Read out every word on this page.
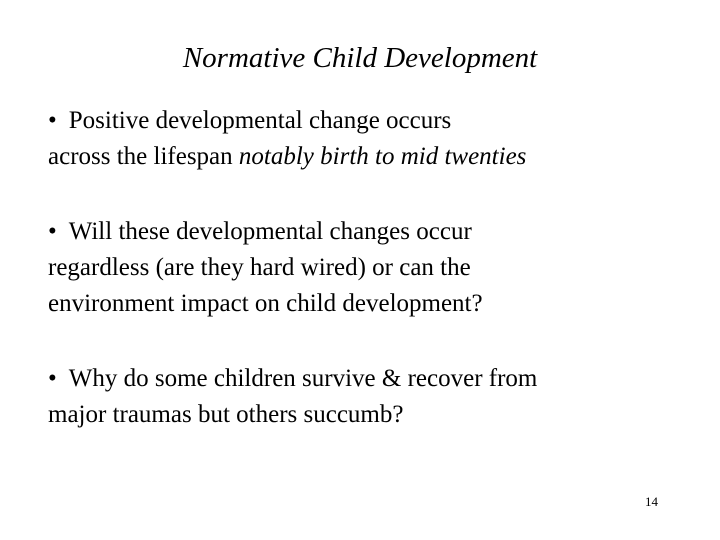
Normative Child Development
• Positive developmental change occurs
across the lifespan notably birth to mid twenties
• Will these developmental changes occur
regardless (are they hard wired) or can the
environment impact on child development?
• Why do some children survive & recover from
major traumas but others succumb?
14
